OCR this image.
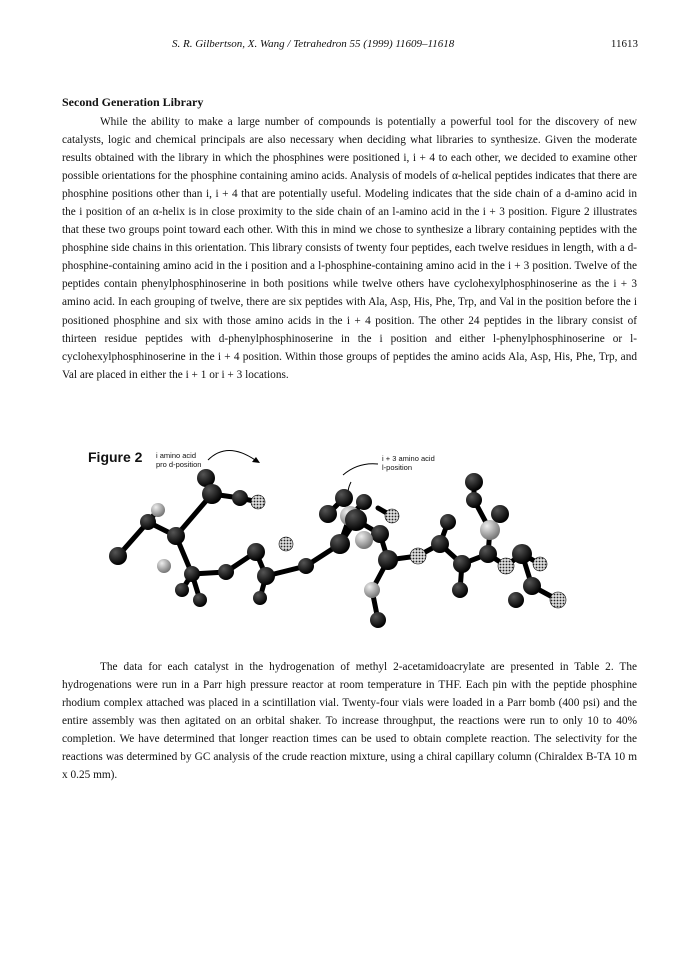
S. R. Gilbertson, X. Wang / Tetrahedron 55 (1999) 11609–11618	11613
Second Generation Library

While the ability to make a large number of compounds is potentially a powerful tool for the discovery of new catalysts, logic and chemical principals are also necessary when deciding what libraries to synthesize. Given the moderate results obtained with the library in which the phosphines were positioned i, i + 4 to each other, we decided to examine other possible orientations for the phosphine containing amino acids. Analysis of models of α-helical peptides indicates that there are phosphine positions other than i, i + 4 that are potentially useful. Modeling indicates that the side chain of a d-amino acid in the i position of an α-helix is in close proximity to the side chain of an l-amino acid in the i + 3 position. Figure 2 illustrates that these two groups point toward each other. With this in mind we chose to synthesize a library containing peptides with the phosphine side chains in this orientation. This library consists of twenty four peptides, each twelve residues in length, with a d-phosphine-containing amino acid in the i position and a l-phosphine-containing amino acid in the i + 3 position. Twelve of the peptides contain phenylphosphinoserine in both positions while twelve others have cyclohexylphosphinoserine as the i + 3 amino acid. In each grouping of twelve, there are six peptides with Ala, Asp, His, Phe, Trp, and Val in the position before the i positioned phosphine and six with those amino acids in the i + 4 position. The other 24 peptides in the library consist of thirteen residue peptides with d-phenylphosphinoserine in the i position and either l-phenylphosphinoserine or l-cyclohexylphosphinoserine in the i + 4 position. Within those groups of peptides the amino acids Ala, Asp, His, Phe, Trp, and Val are placed in either the i + 1 or i + 3 locations.

Figure 2 i amino acid
pro d-position
i + 3 amino acid
l-position

The data for each catalyst in the hydrogenation of methyl 2-acetamidoacrylate are presented in Table 2. The hydrogenations were run in a Parr high pressure reactor at room temperature in THF. Each pin with the peptide phosphine rhodium complex attached was placed in a scintillation vial. Twenty-four vials were loaded in a Parr bomb (400 psi) and the entire assembly was then agitated on an orbital shaker. To increase throughput, the reactions were run to only 10 to 40% completion. We have determined that longer reaction times can be used to obtain complete reaction. The selectivity for the reactions was determined by GC analysis of the crude reaction mixture, using a chiral capillary column (Chiraldex B-TA 10 m x 0.25 mm).
